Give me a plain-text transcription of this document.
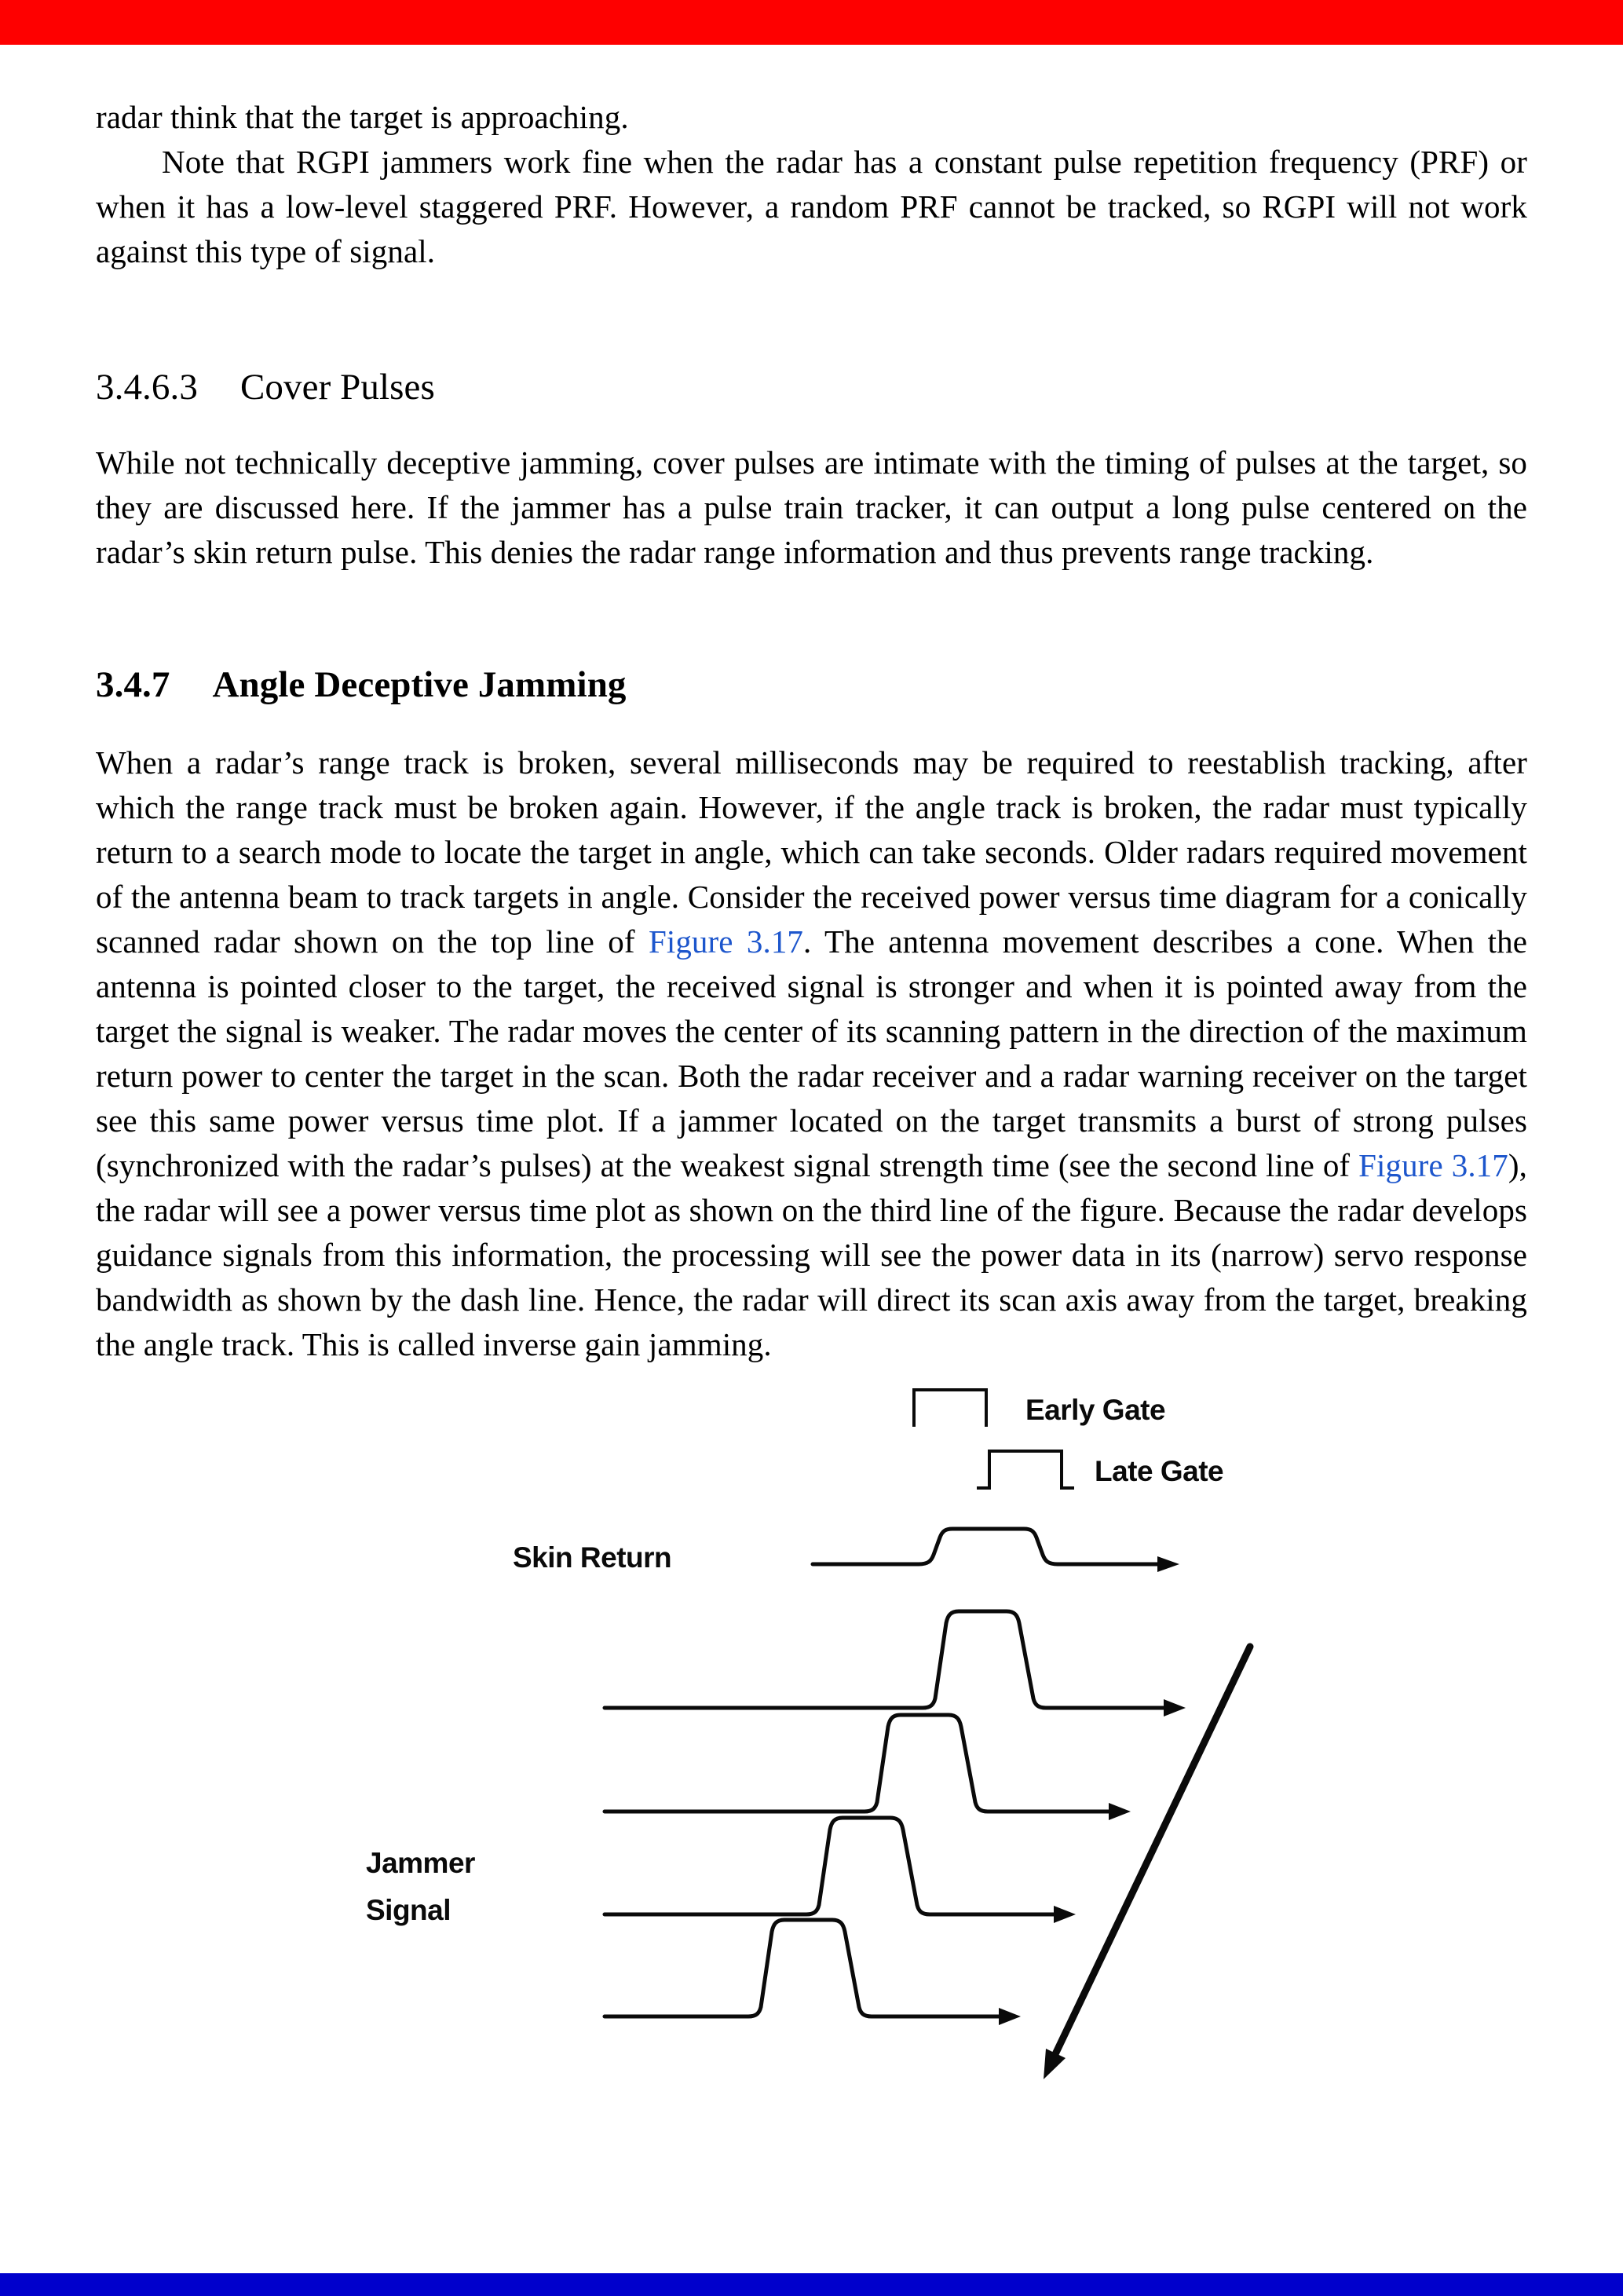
radar think that the target is approaching.

Note that RGPI jammers work fine when the radar has a constant pulse repetition frequency (PRF) or when it has a low-level staggered PRF. However, a random PRF cannot be tracked, so RGPI will not work against this type of signal.

3.4.6.3 Cover Pulses

While not technically deceptive jamming, cover pulses are intimate with the timing of pulses at the target, so they are discussed here. If the jammer has a pulse train tracker, it can output a long pulse centered on the radar’s skin return pulse. This denies the radar range information and thus prevents range tracking.

3.4.7 Angle Deceptive Jamming

When a radar’s range track is broken, several milliseconds may be required to reestablish tracking, after which the range track must be broken again. However, if the angle track is broken, the radar must typically return to a search mode to locate the target in angle, which can take seconds. Older radars required movement of the antenna beam to track targets in angle. Consider the received power versus time diagram for a conically scanned radar shown on the top line of Figure 3.17. The antenna movement describes a cone. When the antenna is pointed closer to the target, the received signal is stronger and when it is pointed away from the target the signal is weaker. The radar moves the center of its scanning pattern in the direction of the maximum return power to center the target in the scan. Both the radar receiver and a radar warning receiver on the target see this same power versus time plot. If a jammer located on the target transmits a burst of strong pulses (synchronized with the radar’s pulses) at the weakest signal strength time (see the second line of Figure 3.17), the radar will see a power versus time plot as shown on the third line of the figure. Because the radar develops guidance signals from this information, the processing will see the power data in its (narrow) servo response bandwidth as shown by the dash line. Hence, the radar will direct its scan axis away from the target, breaking the angle track. This is called inverse gain jamming.

Early Gate
Late Gate
Skin Return
Jammer
Signal
